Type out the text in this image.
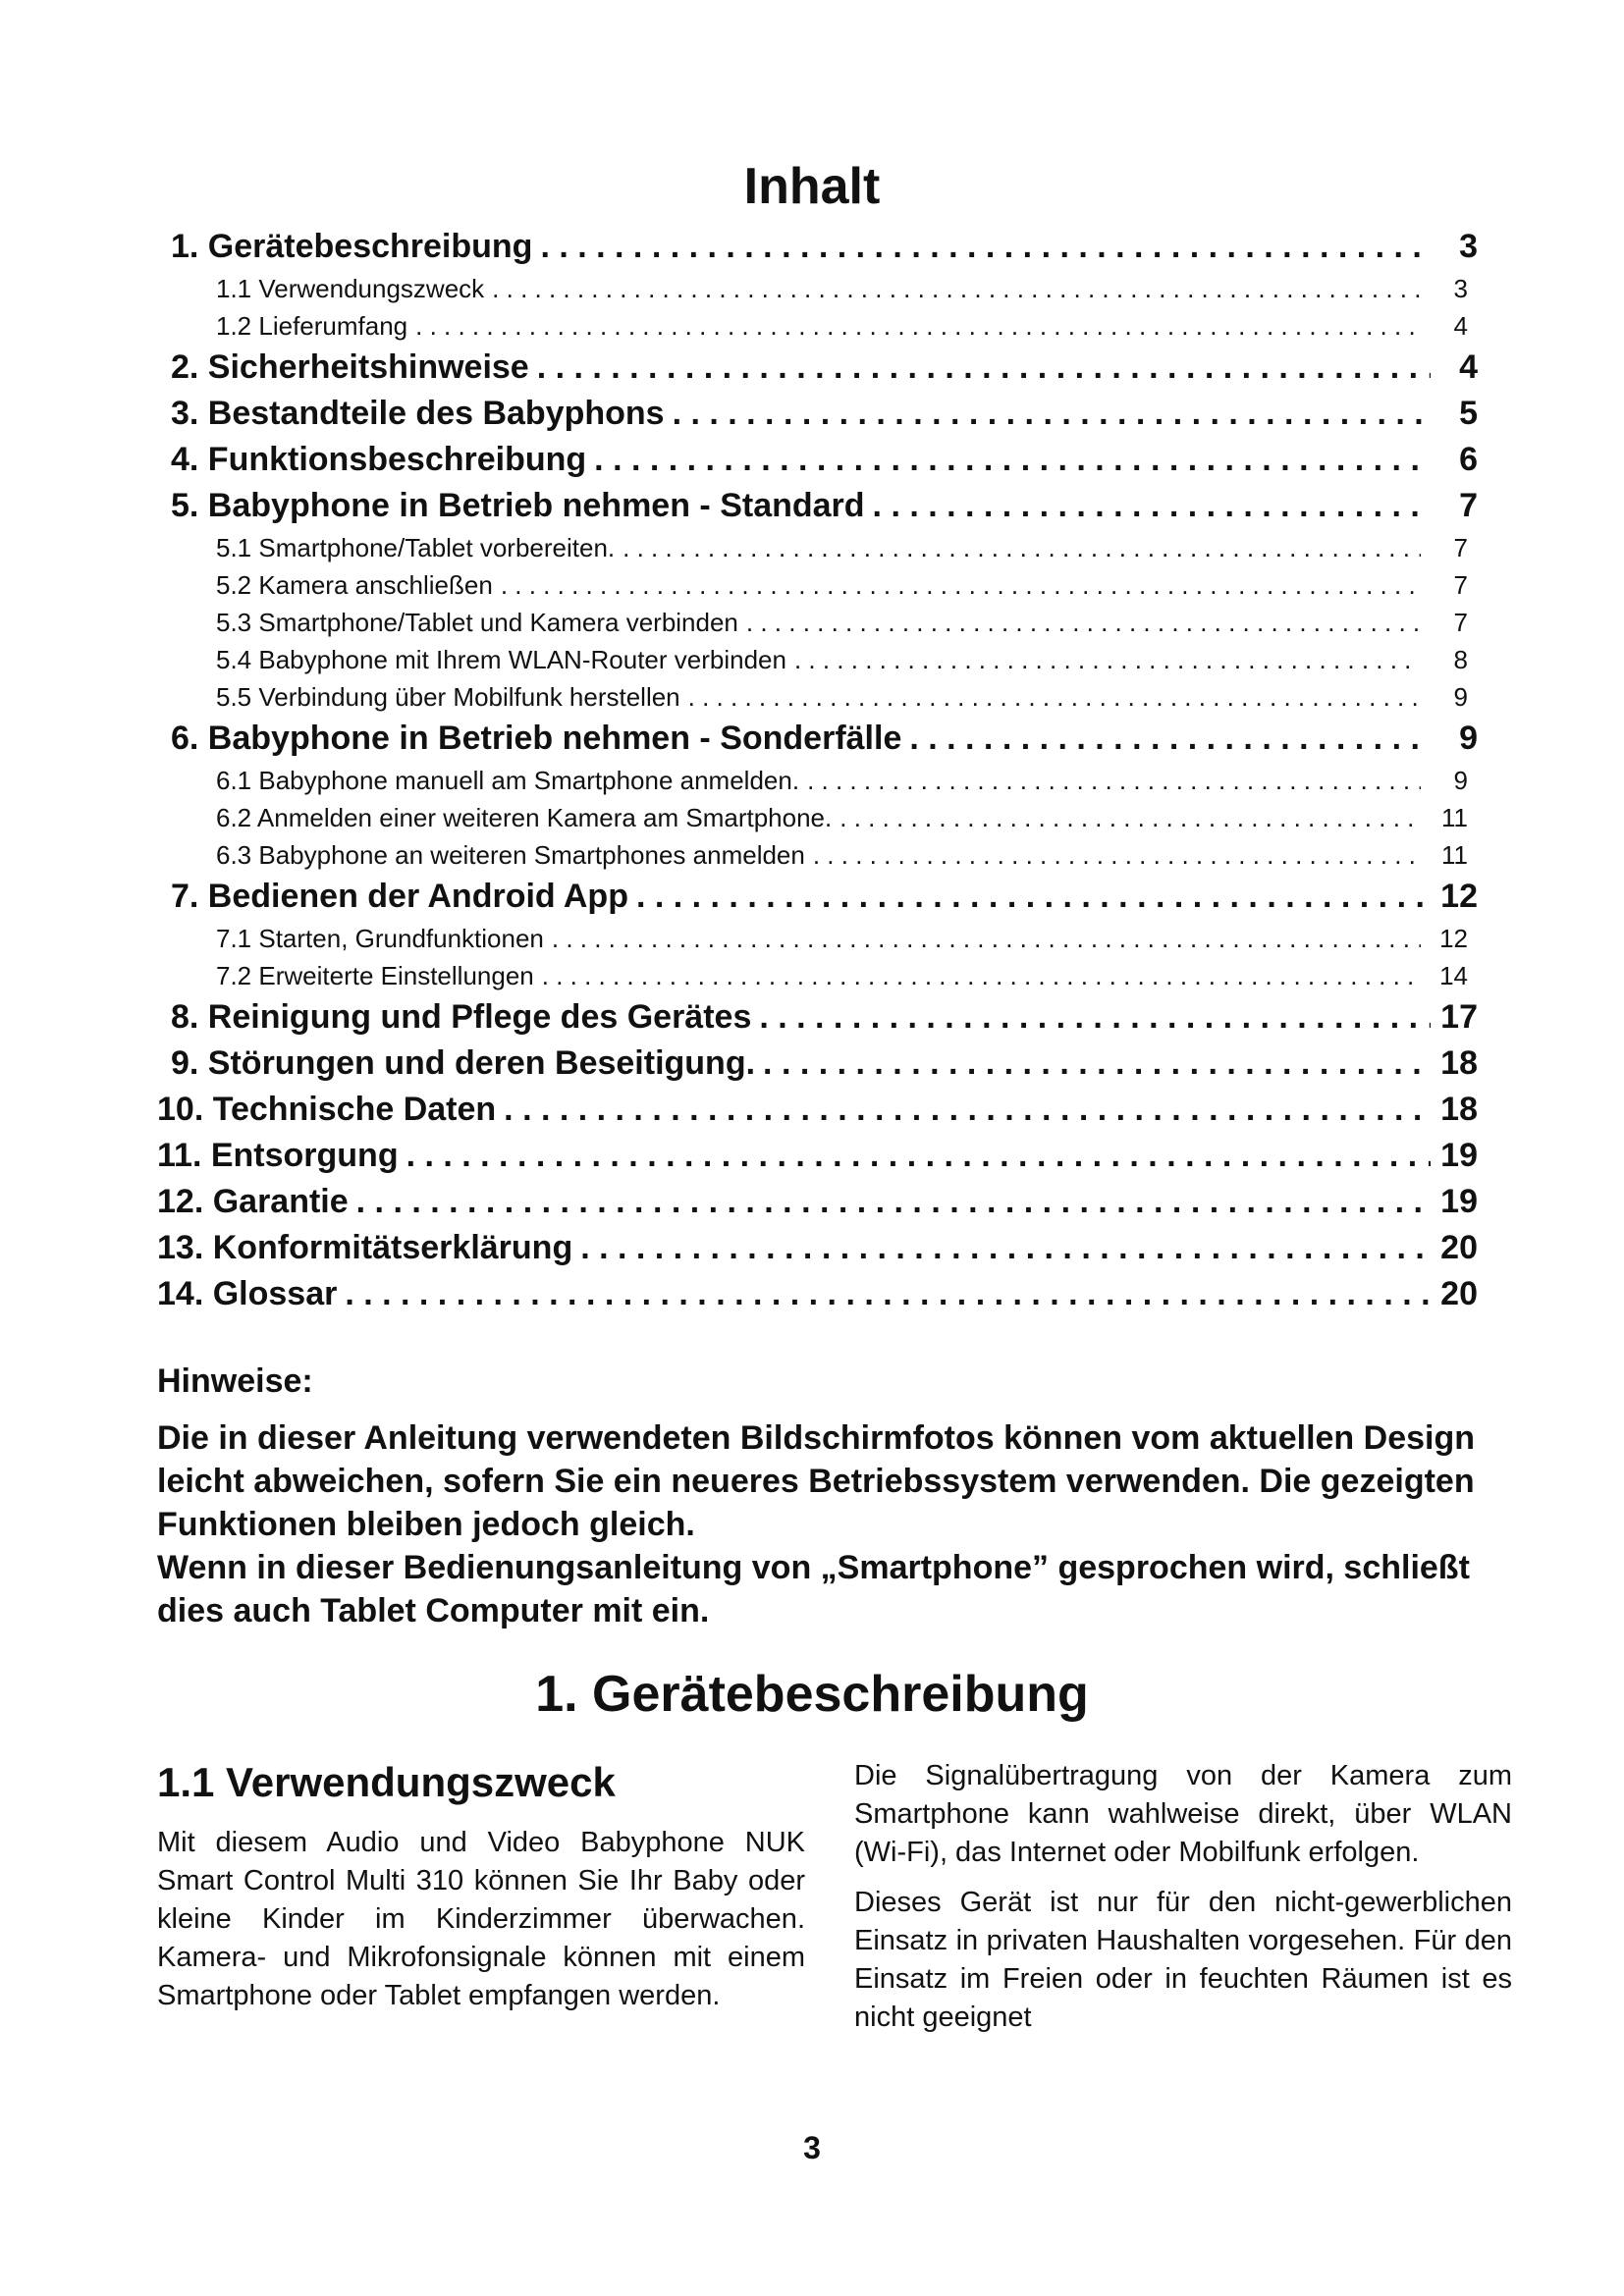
Inhalt
1. Gerätebeschreibung . . .	3
1.1 Verwendungszweck . . .	3
1.2 Lieferumfang . . .	4
2. Sicherheitshinweise . . .	4
3. Bestandteile des Babyphons . . .	5
4. Funktionsbeschreibung . . .	6
5. Babyphone in Betrieb nehmen - Standard . . .	7
5.1 Smartphone/Tablet vorbereiten. . . .	7
5.2 Kamera anschließen . . .	7
5.3 Smartphone/Tablet und Kamera verbinden . . .	7
5.4 Babyphone mit Ihrem WLAN-Router verbinden . . .	8
5.5 Verbindung über Mobilfunk herstellen . . .	9
6. Babyphone in Betrieb nehmen - Sonderfälle . . .	9
6.1 Babyphone manuell am Smartphone anmelden. . . .	9
6.2 Anmelden einer weiteren Kamera am Smartphone. . . .	11
6.3 Babyphone an weiteren Smartphones anmelden . . .	11
7. Bedienen der Android App . . .	12
7.1 Starten, Grundfunktionen . . .	12
7.2 Erweiterte Einstellungen . . .	14
8. Reinigung und Pflege des Gerätes . . .	17
9. Störungen und deren Beseitigung. . . .	18
10. Technische Daten . . .	18
11. Entsorgung . . .	19
12. Garantie . . .	19
13. Konformitätserklärung . . .	20
14. Glossar . . .	20

Hinweise:

Die in dieser Anleitung verwendeten Bildschirmfotos können vom aktuellen Design leicht abweichen, sofern Sie ein neueres Betriebssystem verwenden. Die gezeigten Funktionen bleiben jedoch gleich.

Wenn in dieser Bedienungsanleitung von „Smartphone” gesprochen wird, schließt dies auch Tablet Computer mit ein.

1. Gerätebeschreibung
1.1 Verwendungszweck

Mit diesem Audio und Video Babyphone NUK Smart Control Multi 310 können Sie Ihr Baby oder kleine Kinder im Kinderzimmer überwachen. Kamera- und Mikrofonsignale können mit einem Smartphone oder Tablet empfangen werden.

Die Signalübertragung von der Kamera zum Smartphone kann wahlweise direkt, über WLAN (Wi-Fi), das Internet oder Mobilfunk erfolgen.

Dieses Gerät ist nur für den nicht-gewerblichen Einsatz in privaten Haushalten vorgesehen. Für den Einsatz im Freien oder in feuchten Räumen ist es nicht geeignet

3
